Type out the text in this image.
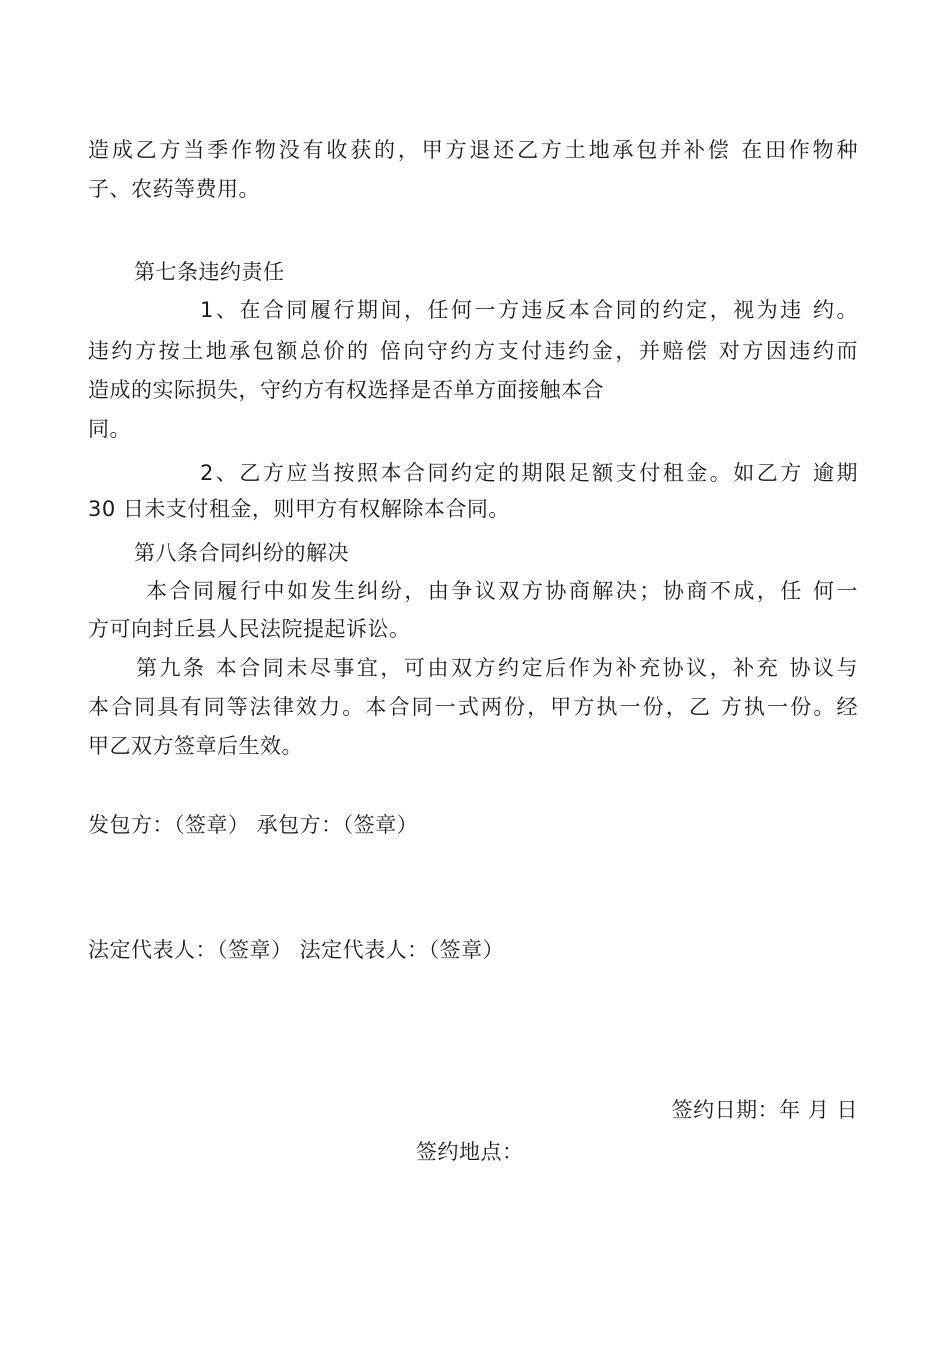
造成乙方当季作物没有收获的，甲方退还乙方土地承包并补偿 在田作物种
子、农药等费用。
第七条违约责任
1、在合同履行期间，任何一方违反本合同的约定，视为违 约。
违约方按土地承包额总价的 倍向守约方支付违约金，并赔偿 对方因违约而
造成的实际损失，守约方有权选择是否单方面接触本合
同。
2、乙方应当按照本合同约定的期限足额支付租金。如乙方 逾期
30 日未支付租金，则甲方有权解除本合同。
第八条合同纠纷的解决
本合同履行中如发生纠纷，由争议双方协商解决；协商不成，任 何一
方可向封丘县人民法院提起诉讼。
第九条 本合同未尽事宜，可由双方约定后作为补充协议，补充 协议与
本合同具有同等法律效力。本合同一式两份，甲方执一份，乙 方执一份。经
甲乙双方签章后生效。
发包方：（签章） 承包方：（签章）
法定代表人：（签章） 法定代表人：（签章）
签约日期：年 月 日
签约地点：
